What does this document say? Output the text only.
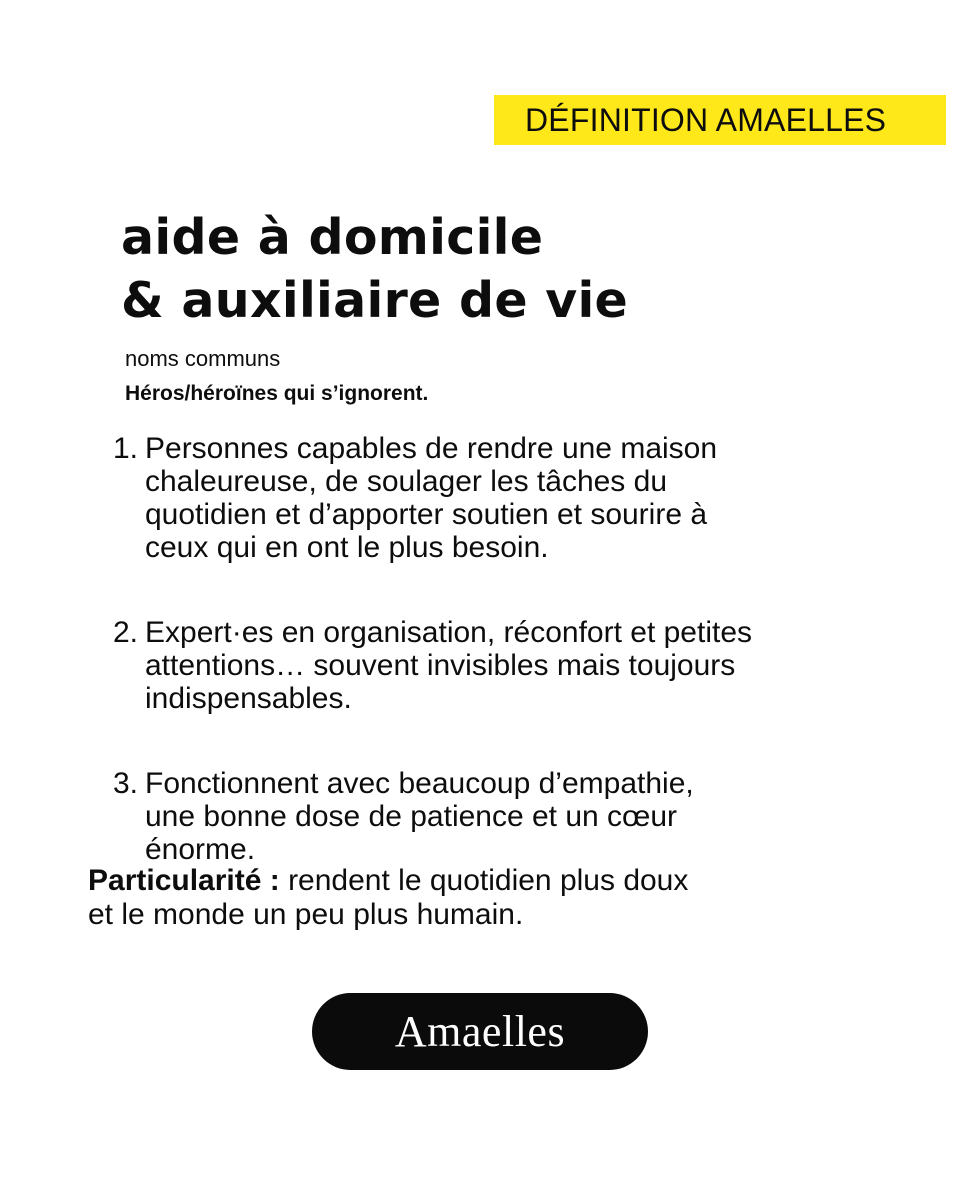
DÉFINITION AMAELLES
aide à domicile
& auxiliaire de vie
noms communs
Héros/héroïnes qui s’ignorent.
1. Personnes capables de rendre une maison
chaleureuse, de soulager les tâches du
quotidien et d’apporter soutien et sourire à
ceux qui en ont le plus besoin.
2. Expert·es en organisation, réconfort et petites
attentions… souvent invisibles mais toujours
indispensables.
3. Fonctionnent avec beaucoup d’empathie,
une bonne dose de patience et un cœur
énorme.
Particularité : rendent le quotidien plus doux
et le monde un peu plus humain.
Amaelles
